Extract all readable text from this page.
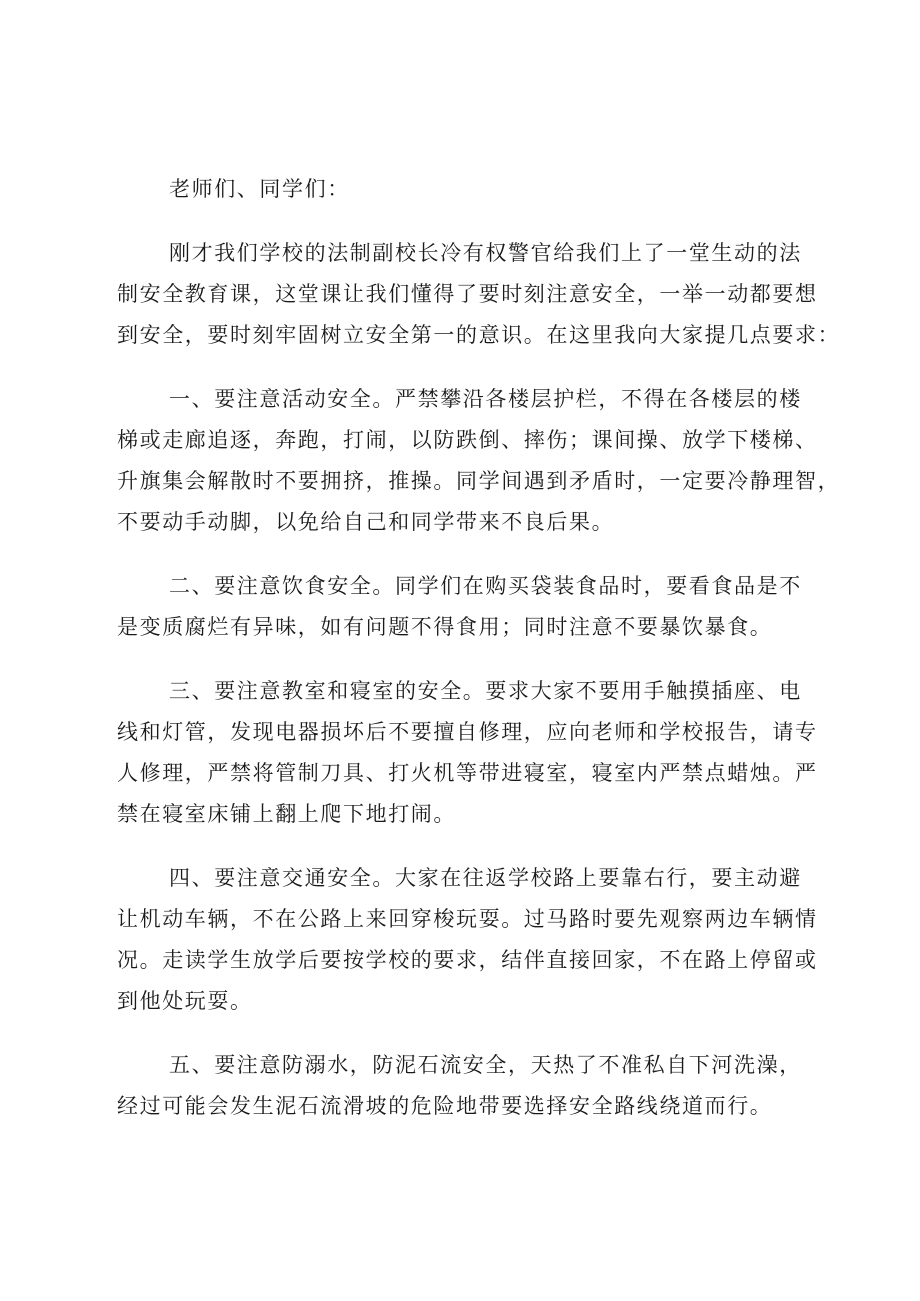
老师们、同学们：
刚才我们学校的法制副校长冷有权警官给我们上了一堂生动的法
制安全教育课，这堂课让我们懂得了要时刻注意安全，一举一动都要想
到安全，要时刻牢固树立安全第一的意识。在这里我向大家提几点要求：
一、要注意活动安全。严禁攀沿各楼层护栏，不得在各楼层的楼
梯或走廊追逐，奔跑，打闹，以防跌倒、摔伤；课间操、放学下楼梯、
升旗集会解散时不要拥挤，推操。同学间遇到矛盾时，一定要冷静理智，
不要动手动脚，以免给自己和同学带来不良后果。
二、要注意饮食安全。同学们在购买袋装食品时，要看食品是不
是变质腐烂有异味，如有问题不得食用；同时注意不要暴饮暴食。
三、要注意教室和寝室的安全。要求大家不要用手触摸插座、电
线和灯管，发现电器损坏后不要擅自修理，应向老师和学校报告，请专
人修理，严禁将管制刀具、打火机等带进寝室，寝室内严禁点蜡烛。严
禁在寝室床铺上翻上爬下地打闹。
四、要注意交通安全。大家在往返学校路上要靠右行，要主动避
让机动车辆，不在公路上来回穿梭玩耍。过马路时要先观察两边车辆情
况。走读学生放学后要按学校的要求，结伴直接回家，不在路上停留或
到他处玩耍。
五、要注意防溺水，防泥石流安全，天热了不准私自下河洗澡，
经过可能会发生泥石流滑坡的危险地带要选择安全路线绕道而行。
